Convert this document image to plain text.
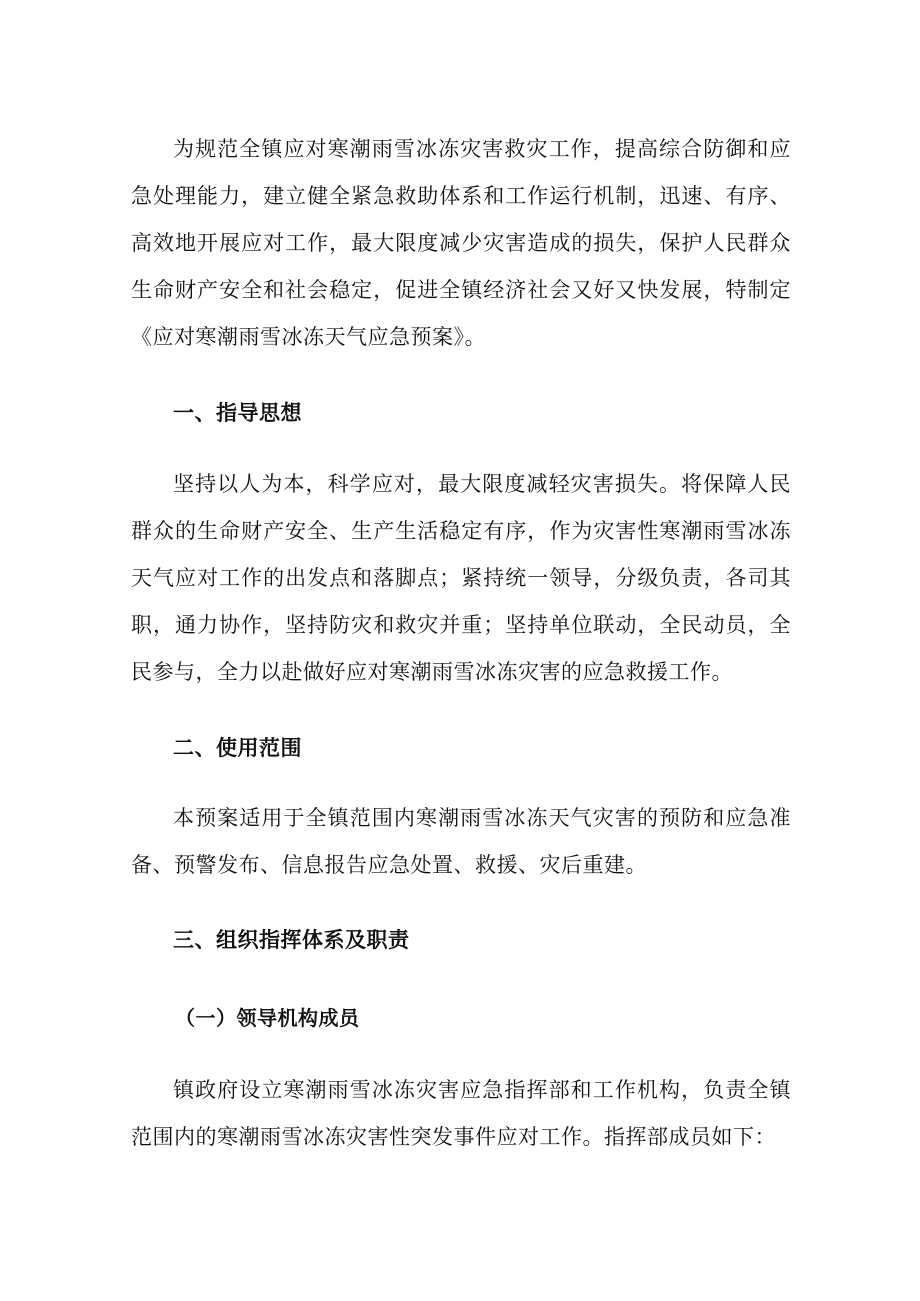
为规范全镇应对寒潮雨雪冰冻灾害救灾工作，提高综合防御和应急处理能力，建立健全紧急救助体系和工作运行机制，迅速、有序、高效地开展应对工作，最大限度减少灾害造成的损失，保护人民群众生命财产安全和社会稳定，促进全镇经济社会又好又快发展，特制定《应对寒潮雨雪冰冻天气应急预案》。

一、指导思想

坚持以人为本，科学应对，最大限度减轻灾害损失。将保障人民群众的生命财产安全、生产生活稳定有序，作为灾害性寒潮雨雪冰冻天气应对工作的出发点和落脚点；紧持统一领导，分级负责，各司其职，通力协作，坚持防灾和救灾并重；坚持单位联动，全民动员，全民参与，全力以赴做好应对寒潮雨雪冰冻灾害的应急救援工作。

二、使用范围

本预案适用于全镇范围内寒潮雨雪冰冻天气灾害的预防和应急准备、预警发布、信息报告应急处置、救援、灾后重建。

三、组织指挥体系及职责
（一）领导机构成员

镇政府设立寒潮雨雪冰冻灾害应急指挥部和工作机构，负责全镇范围内的寒潮雨雪冰冻灾害性突发事件应对工作。指挥部成员如下：
